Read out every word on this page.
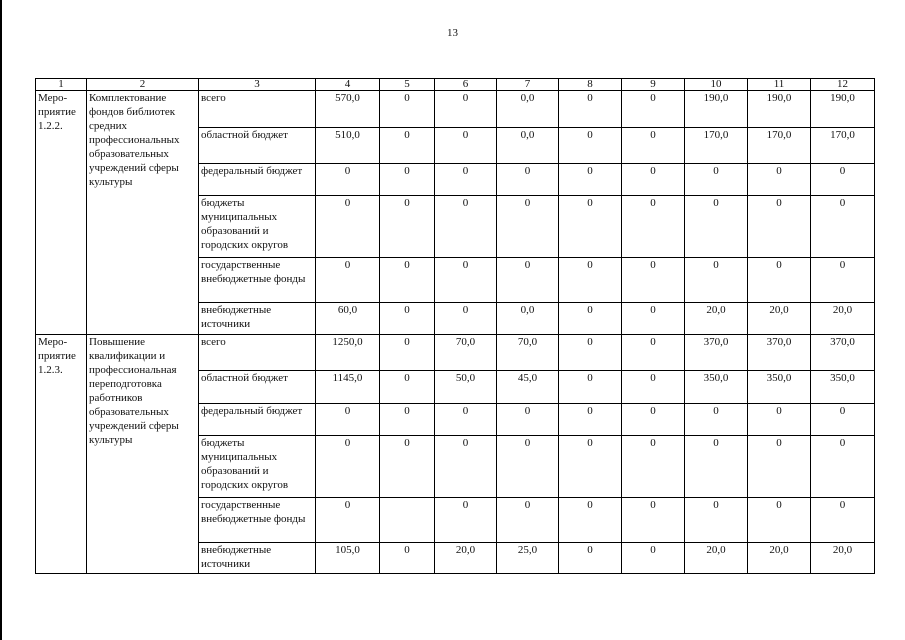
13
1	2	3	4	5	6	7	8	9	10	11	12
Меро-
приятие
1.2.2.	Комплектование фондов библиотек средних профессиональных образовательных учреждений сферы культуры	всего	570,0	0	0	0,0	0	0	190,0	190,0	190,0
		областной бюджет	510,0	0	0	0,0	0	0	170,0	170,0	170,0
		федеральный бюджет	0	0	0	0	0	0	0	0	0
		бюджеты муниципальных образований и городских округов	0	0	0	0	0	0	0	0	0
		государственные внебюджетные фонды	0	0	0	0	0	0	0	0	0
		внебюджетные источники	60,0	0	0	0,0	0	0	20,0	20,0	20,0
Меро-
приятие
1.2.3.	Повышение квалификации и профессиональная переподготовка работников образовательных учреждений сферы культуры	всего	1250,0	0	70,0	70,0	0	0	370,0	370,0	370,0
		областной бюджет	1145,0	0	50,0	45,0	0	0	350,0	350,0	350,0
		федеральный бюджет	0	0	0	0	0	0	0	0	0
		бюджеты муниципальных образований и городских округов	0	0	0	0	0	0	0	0	0
		государственные внебюджетные фонды	0		0	0	0	0	0	0	0
		внебюджетные источники	105,0	0	20,0	25,0	0	0	20,0	20,0	20,0
